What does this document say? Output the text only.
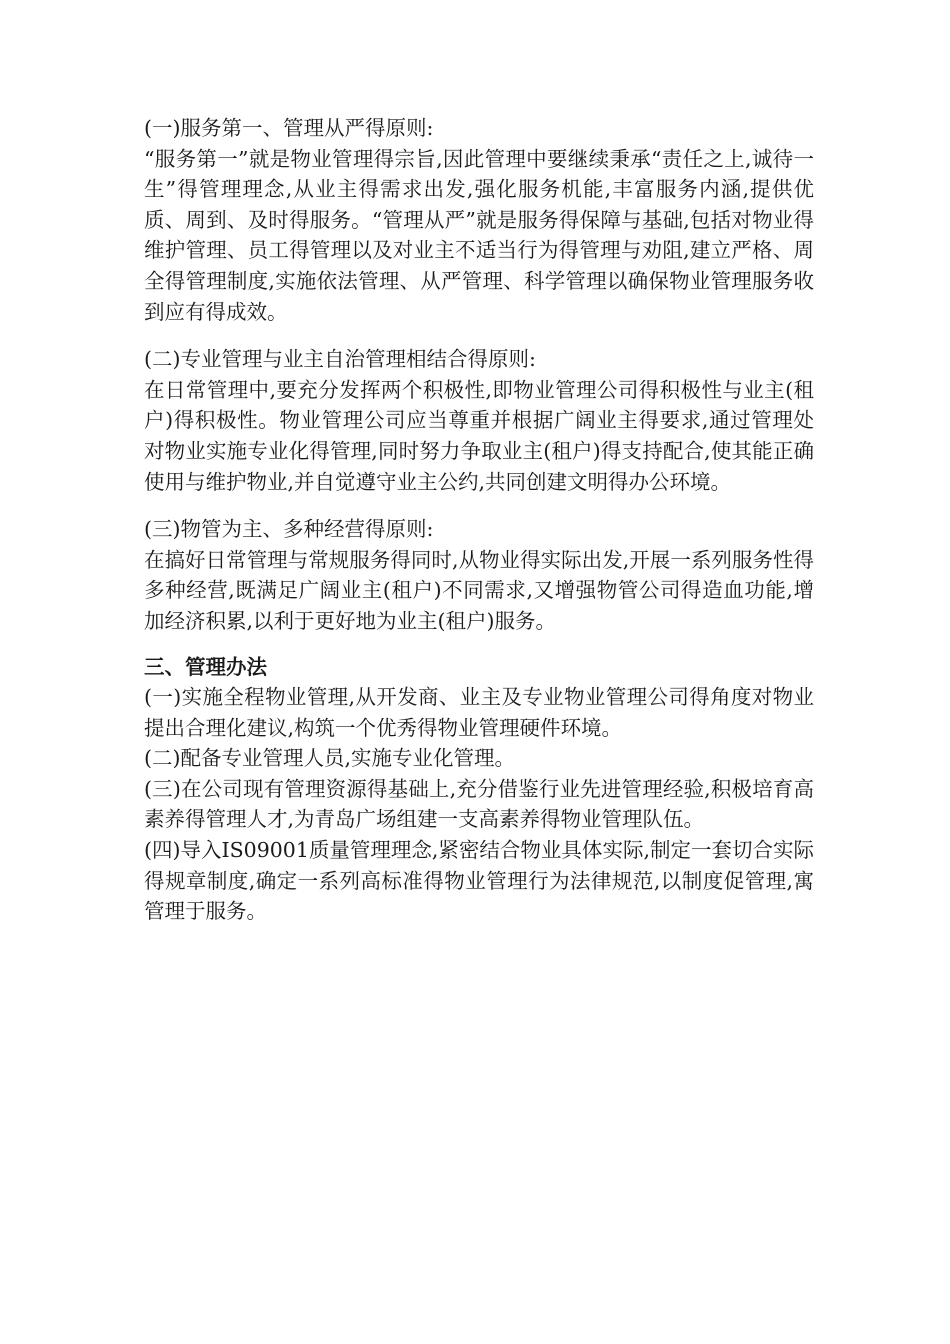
(一)服务第一、管理从严得原则:

“服务第一”就是物业管理得宗旨,因此管理中要继续秉承“责任之上,诚待一生”得管理理念,从业主得需求出发,强化服务机能,丰富服务内涵,提供优质、周到、及时得服务。“管理从严”就是服务得保障与基础,包括对物业得维护管理、员工得管理以及对业主不适当行为得管理与劝阻,建立严格、周全得管理制度,实施依法管理、从严管理、科学管理以确保物业管理服务收到应有得成效。

(二)专业管理与业主自治管理相结合得原则:

在日常管理中,要充分发挥两个积极性,即物业管理公司得积极性与业主(租户)得积极性。物业管理公司应当尊重并根据广阔业主得要求,通过管理处对物业实施专业化得管理,同时努力争取业主(租户)得支持配合,使其能正确使用与维护物业,并自觉遵守业主公约,共同创建文明得办公环境。

(三)物管为主、多种经营得原则:

在搞好日常管理与常规服务得同时,从物业得实际出发,开展一系列服务性得多种经营,既满足广阔业主(租户)不同需求,又增强物管公司得造血功能,增加经济积累,以利于更好地为业主(租户)服务。

三、管理办法

(一)实施全程物业管理,从开发商、业主及专业物业管理公司得角度对物业提出合理化建议,构筑一个优秀得物业管理硬件环境。

(二)配备专业管理人员,实施专业化管理。

(三)在公司现有管理资源得基础上,充分借鉴行业先进管理经验,积极培育高素养得管理人才,为青岛广场组建一支高素养得物业管理队伍。

(四)导入IS09001质量管理理念,紧密结合物业具体实际,制定一套切合实际得规章制度,确定一系列高标准得物业管理行为法律规范,以制度促管理,寓管理于服务。
